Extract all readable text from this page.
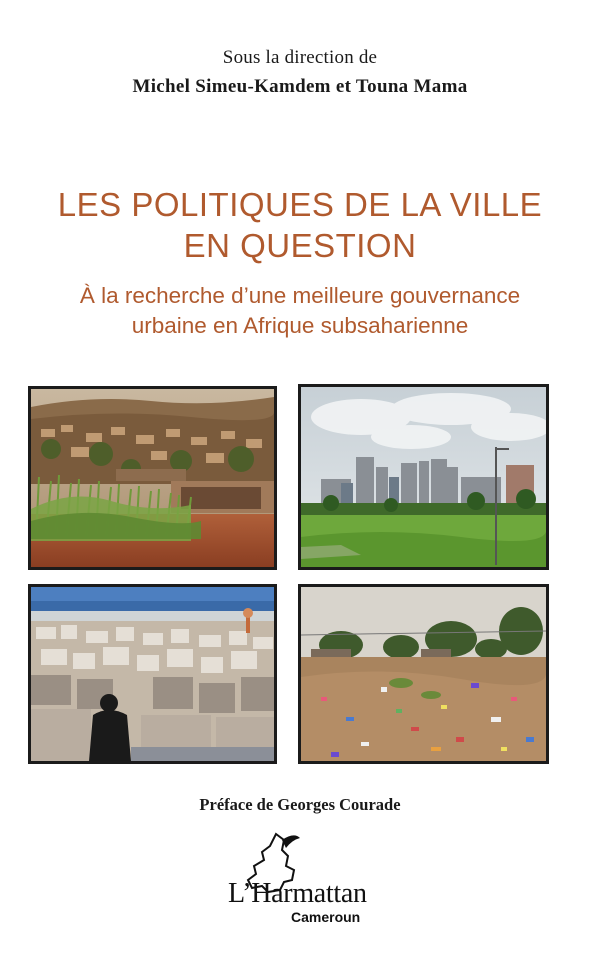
Sous la direction de
Michel Simeu-Kamdem et Touna Mama
LES POLITIQUES DE LA VILLE
EN QUESTION
À la recherche d’une meilleure gouvernance
urbaine en Afrique subsaharienne
Préface de Georges Courade
L’Harmattan
Cameroun
